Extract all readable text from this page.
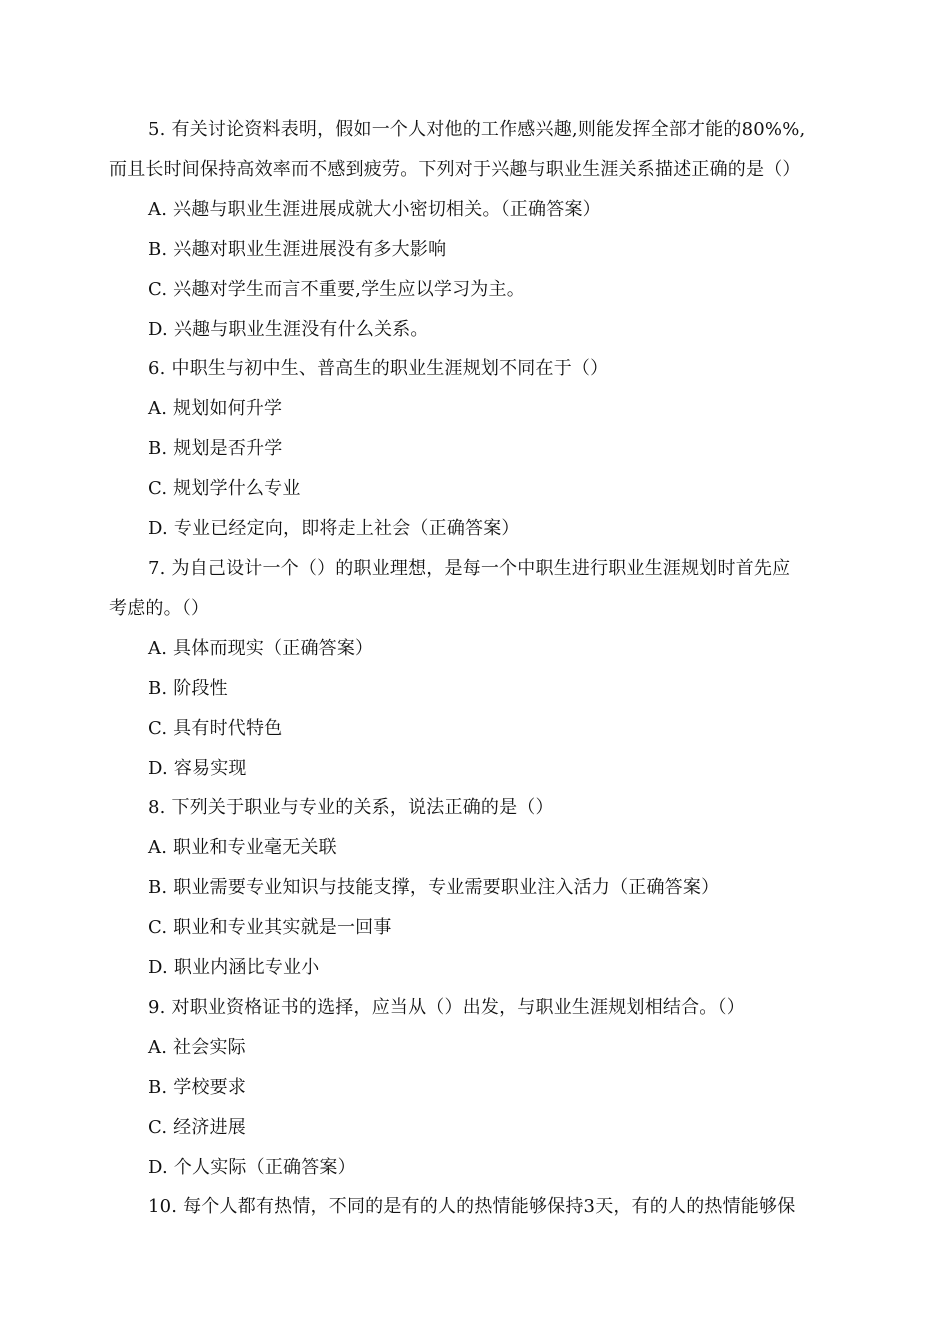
5. 有关讨论资料表明，假如一个人对他的工作感兴趣,则能发挥全部才能的80%%,
而且长时间保持高效率而不感到疲劳。下列对于兴趣与职业生涯关系描述正确的是（）
A. 兴趣与职业生涯进展成就大小密切相关。（正确答案）
B. 兴趣对职业生涯进展没有多大影响
C. 兴趣对学生而言不重要,学生应以学习为主。
D. 兴趣与职业生涯没有什么关系。
6. 中职生与初中生、普高生的职业生涯规划不同在于（）
A. 规划如何升学
B. 规划是否升学
C. 规划学什么专业
D. 专业已经定向，即将走上社会（正确答案）
7. 为自己设计一个（）的职业理想，是每一个中职生进行职业生涯规划时首先应
考虑的。（）
A. 具体而现实（正确答案）
B. 阶段性
C. 具有时代特色
D. 容易实现
8. 下列关于职业与专业的关系，说法正确的是（）
A. 职业和专业毫无关联
B. 职业需要专业知识与技能支撑，专业需要职业注入活力（正确答案）
C. 职业和专业其实就是一回事
D. 职业内涵比专业小
9. 对职业资格证书的选择，应当从（）出发，与职业生涯规划相结合。（）
A. 社会实际
B. 学校要求
C. 经济进展
D. 个人实际（正确答案）
10. 每个人都有热情，不同的是有的人的热情能够保持3天，有的人的热情能够保
